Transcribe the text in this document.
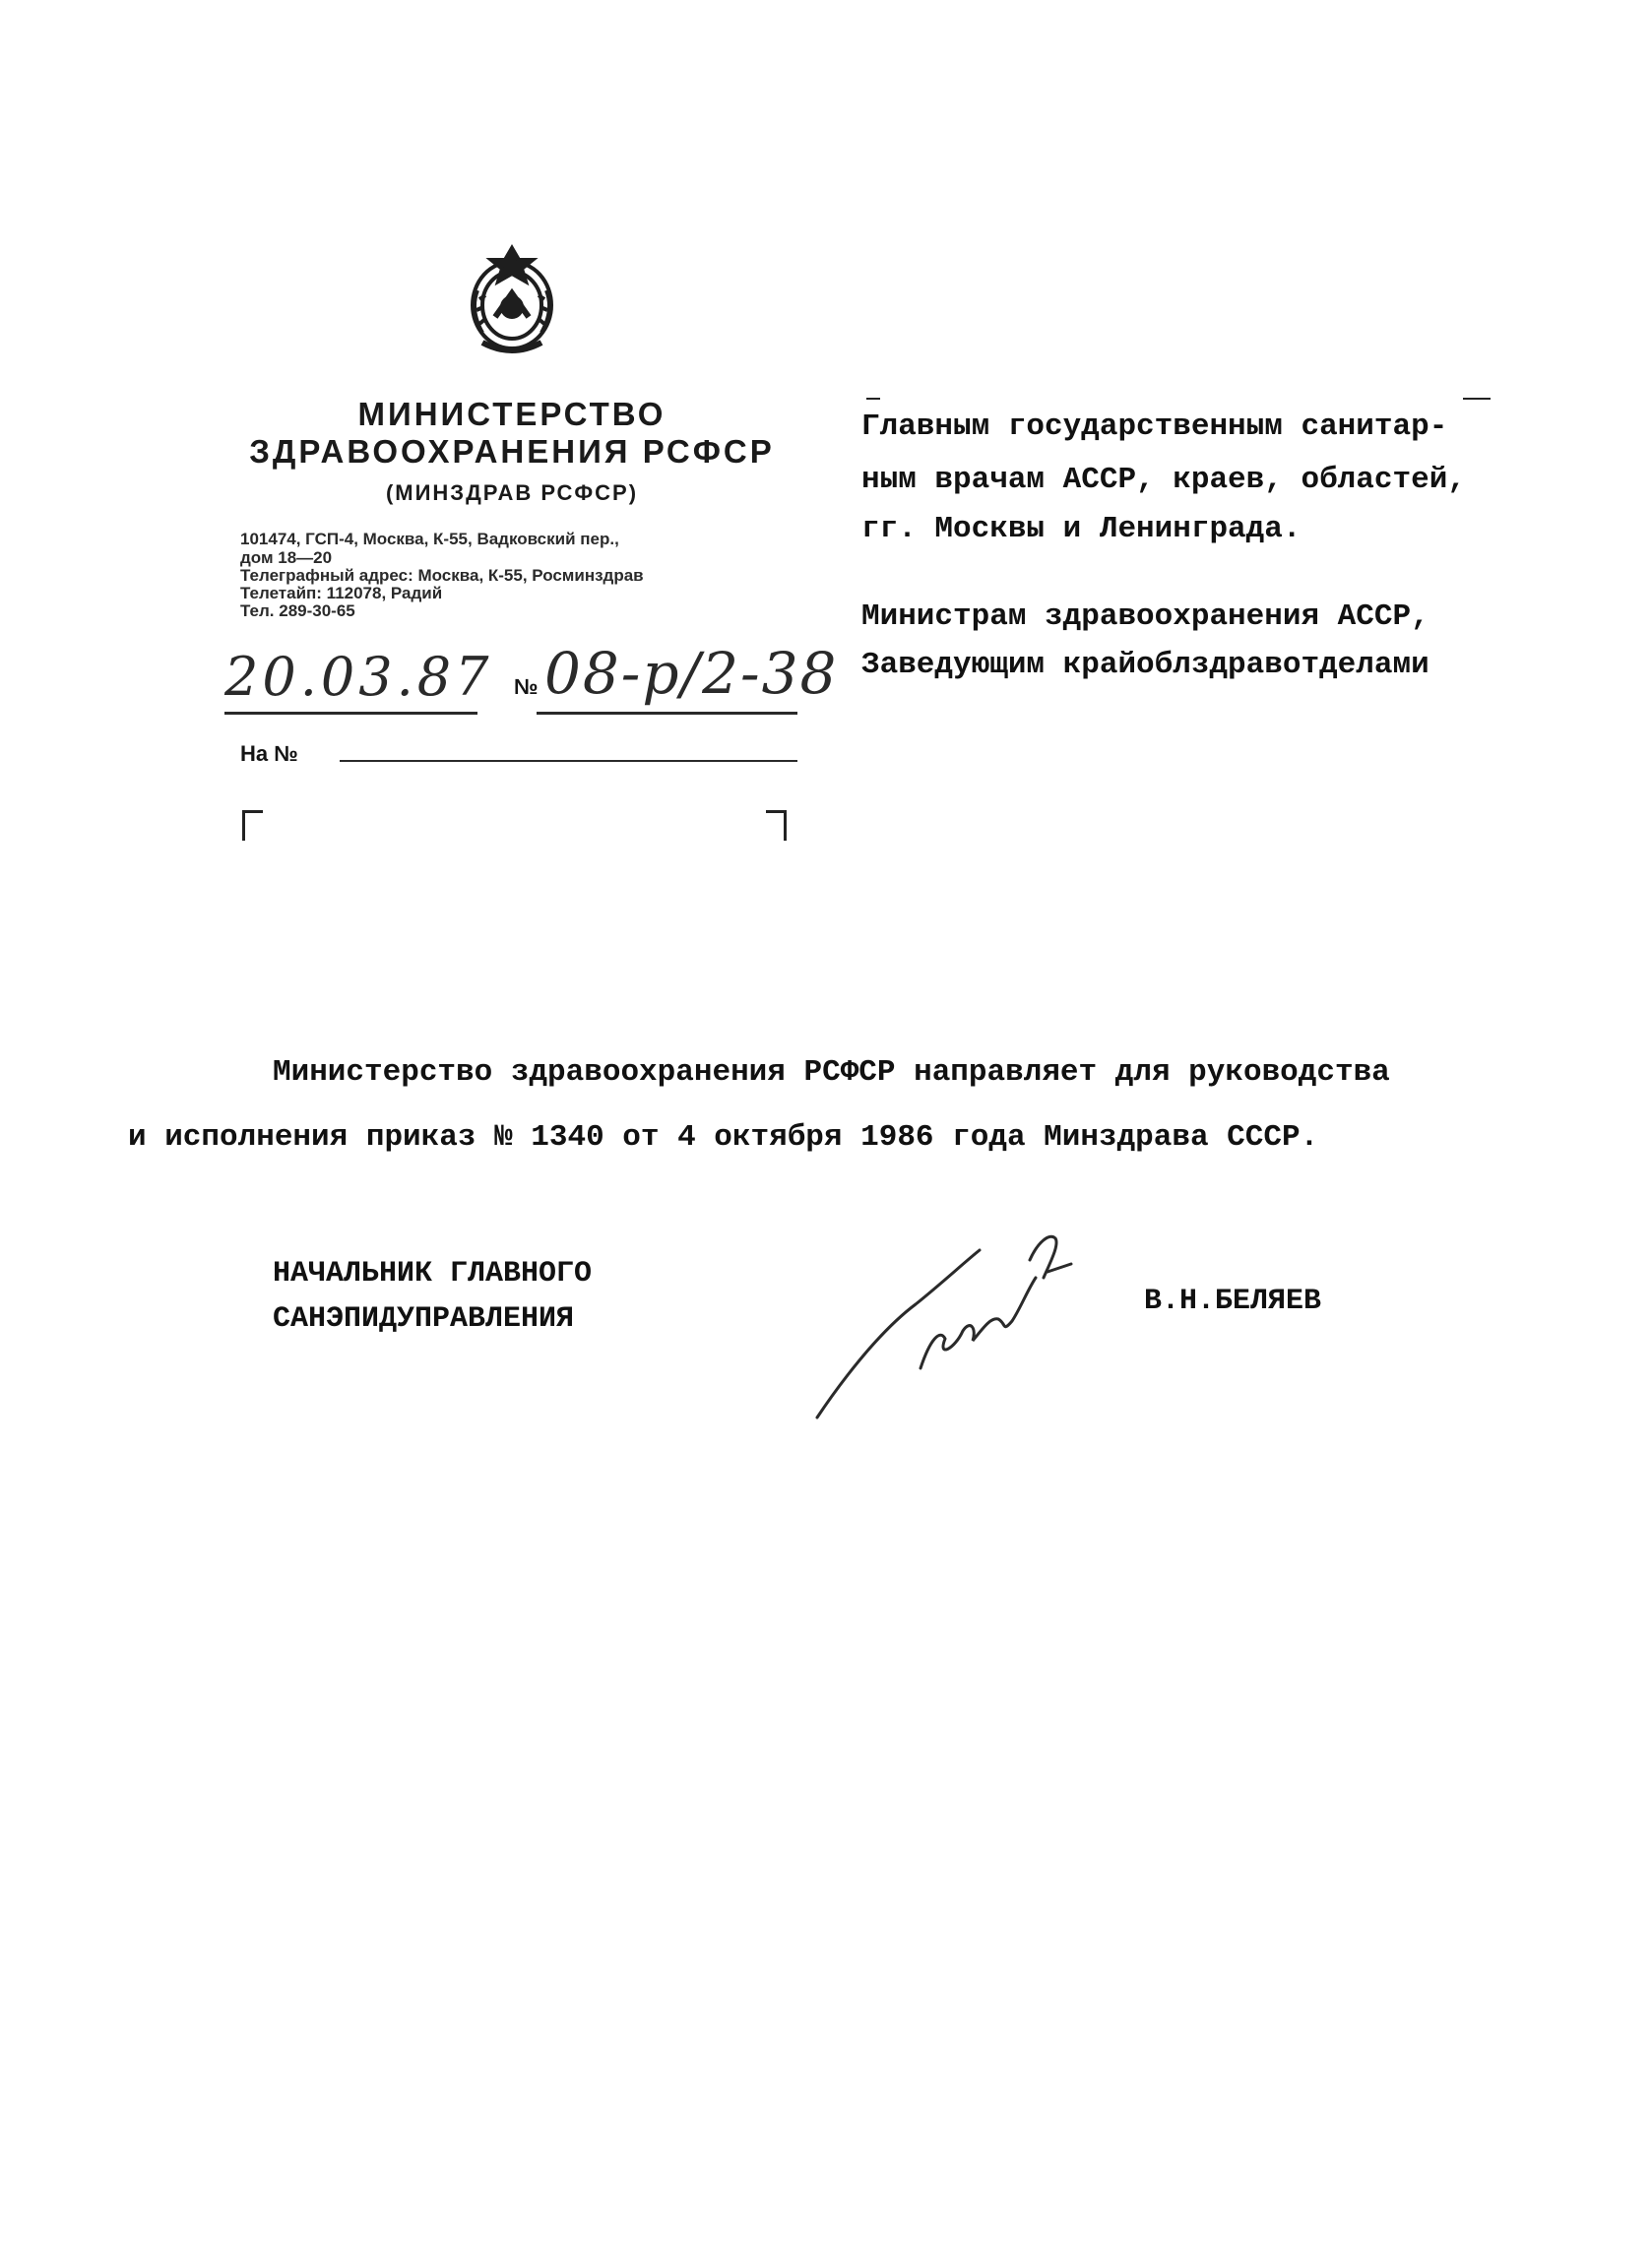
МИНИСТЕРСТВО
ЗДРАВООХРАНЕНИЯ РСФСР
(МИНЗДРАВ РСФСР)
101474, ГСП-4, Москва, К-55, Вадковский пер.,
дом 18—20
Телеграфный адрес: Москва, К-55, Росминздрав
Телетайп: 112078, Радий
Тел. 289-30-65
20.03.87 № 08-р/2-38
На №
Главным государственным санитар-
ным врачам АССР, краев, областей,
гг. Москвы и Ленинграда.
Министрам здравоохранения АССР,
Заведующим крайоблздравотделами
Министерство здравоохранения РСФСР направляет для руководства
и исполнения приказ № 1340 от 4 октября 1986 года Минздрава СССР.
НАЧАЛЬНИК ГЛАВНОГО
САНЭПИДУПРАВЛЕНИЯ
В.Н.БЕЛЯЕВ
